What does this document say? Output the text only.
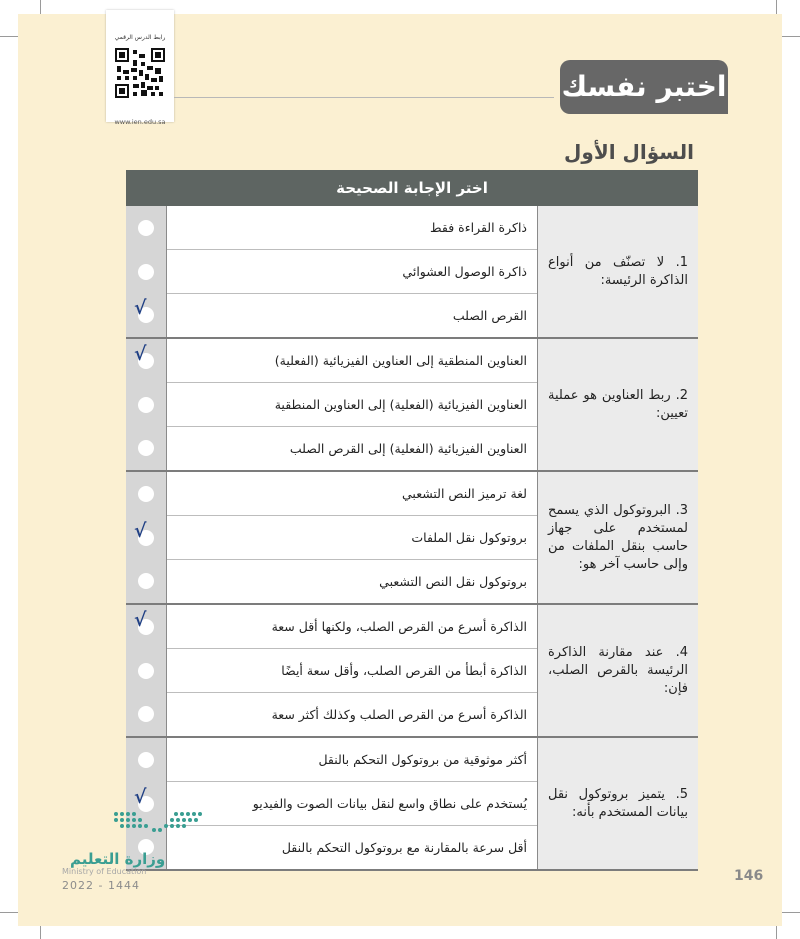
رابط الدرس الرقمي
www.ien.edu.sa
اختبر نفسك
السؤال الأول
اختر الإجابة الصحيحة
√
ذاكرة القراءة فقط
ذاكرة الوصول العشوائي
القرص الصلب
1. لا تصنّف من أنواع الذاكرة الرئيسة:
√	العناوين المنطقية إلى العناوين الفيزيائية (الفعلية)
العناوين الفيزيائية (الفعلية) إلى العناوين المنطقية
العناوين الفيزيائية (الفعلية) إلى القرص الصلب
2. ربط العناوين هو عملية تعيين:
√
لغة ترميز النص التشعبي
بروتوكول نقل الملفات
بروتوكول نقل النص التشعبي
3. البروتوكول الذي يسمح لمستخدم على جهاز حاسب بنقل الملفات من وإلى حاسب آخر هو:
√	الذاكرة أسرع من القرص الصلب، ولكنها أقل سعة
الذاكرة أبطأ من القرص الصلب، وأقل سعة أيضًا
الذاكرة أسرع من القرص الصلب وكذلك أكثر سعة
4. عند مقارنة الذاكرة الرئيسة بالقرص الصلب، فإن:
√
أكثر موثوقية من بروتوكول التحكم بالنقل
يُستخدم على نطاق واسع لنقل بيانات الصوت والفيديو
أقل سرعة بالمقارنة مع بروتوكول التحكم بالنقل
5. يتميز بروتوكول نقل بيانات المستخدم بأنه:
وزارة التعليم
Ministry of Education
2022 - 1444
146
